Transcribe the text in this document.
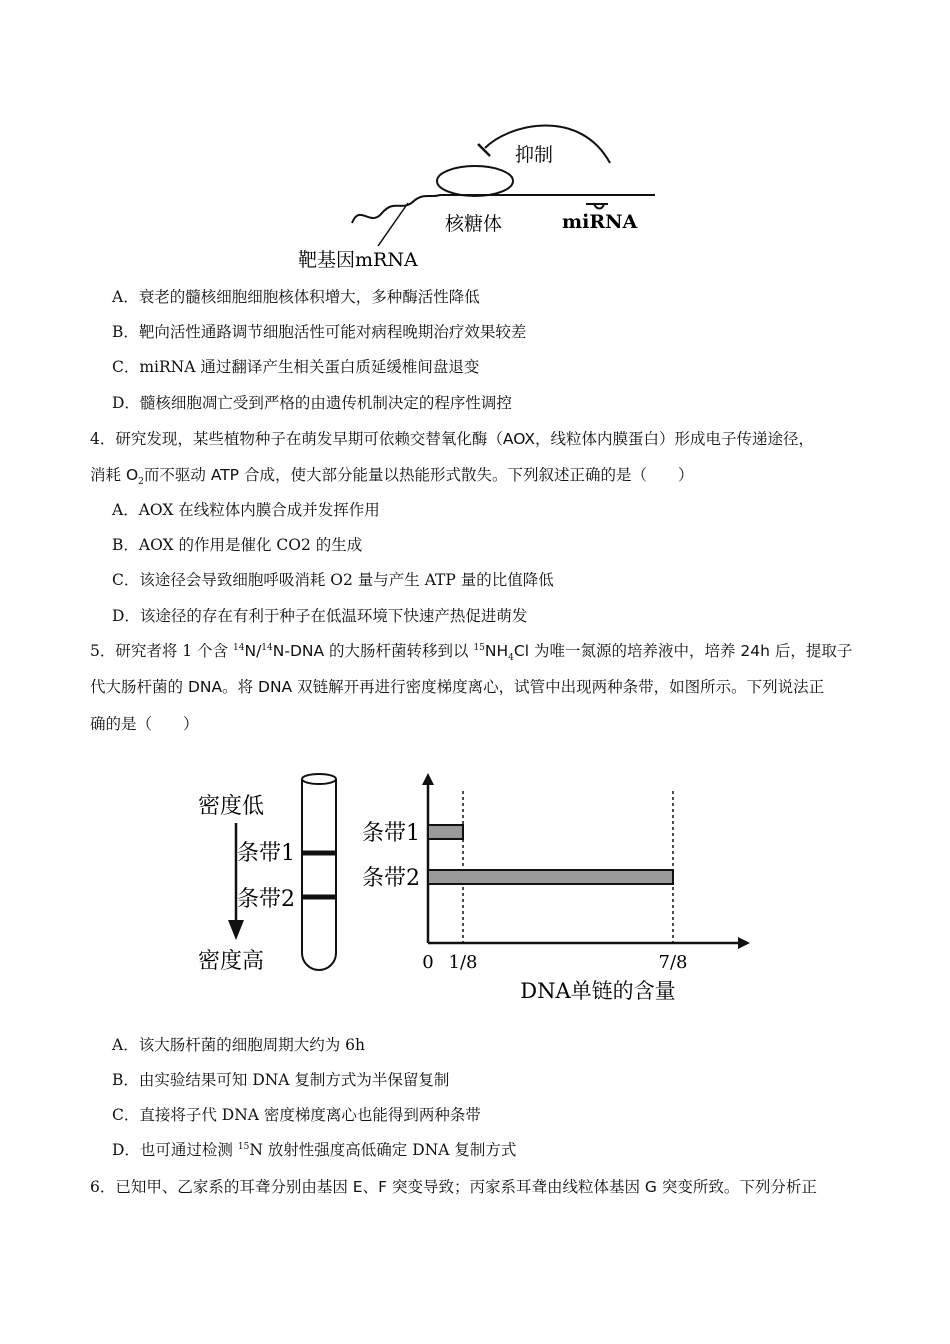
抑制
核糖体	miRNA
靶基因mRNA
A．衰老的髓核细胞细胞核体积增大，多种酶活性降低
B．靶向活性通路调节细胞活性可能对病程晚期治疗效果较差
C．miRNA 通过翻译产生相关蛋白质延缓椎间盘退变
D．髓核细胞凋亡受到严格的由遗传机制决定的程序性调控
4．研究发现，某些植物种子在萌发早期可依赖交替氧化酶（AOX，线粒体内膜蛋白）形成电子传递途径，
消耗 $O_2$而不驱动 ATP 合成，使大部分能量以热能形式散失。下列叙述正确的是（　　）
A．AOX 在线粒体内膜合成并发挥作用
B．AOX 的作用是催化 CO2 的生成
C．该途径会导致细胞呼吸消耗 O2 量与产生 ATP 量的比值降低
D．该途径的存在有利于种子在低温环境下快速产热促进萌发
5．研究者将 1 个含 $^{14}$N/$^{14}$N-DNA 的大肠杆菌转移到以 $^{15}NH_4Cl$ 为唯一氮源的培养液中，培养 24h 后，提取子
代大肠杆菌的 DNA。将 DNA 双链解开再进行密度梯度离心，试管中出现两种条带，如图所示。下列说法正
确的是（　　）
密度低
密度高
条带1
条带2
条带1
条带2
0 1/8	7/8
DNA单链的含量
A．该大肠杆菌的细胞周期大约为 6h
B．由实验结果可知 DNA 复制方式为半保留复制
C．直接将子代 DNA 密度梯度离心也能得到两种条带
D．也可通过检测 $^{15}$N 放射性强度高低确定 DNA 复制方式
6．已知甲、乙家系的耳聋分别由基因 E、F 突变导致；丙家系耳聋由线粒体基因 G 突变所致。下列分析正
